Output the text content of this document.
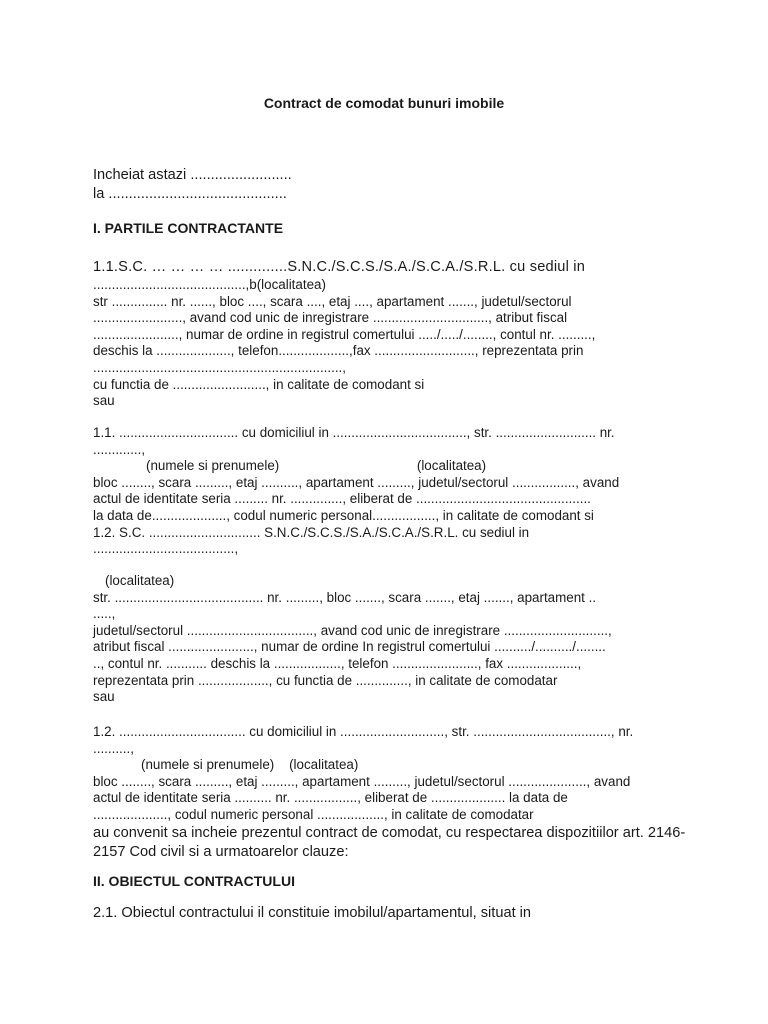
Contract de comodat bunuri imobile

Incheiat astazi .........................

la ............................................

I. PARTILE CONTRACTANTE

1.1.S.C. … … … … ..............S.N.C./S.C.S./S.A./S.C.A./S.R.L. cu sediul in

.........................................,b(localitatea)

str ............... nr. ......, bloc ...., scara ...., etaj ...., apartament ......., judetul/sectorul

........................, avand cod unic de inregistrare ..............................., atribut fiscal

......................., numar de ordine in registrul comertului ...../...../........, contul nr. .........,

deschis la ...................., telefon...................,fax ..........................., reprezentata prin

...................................................................,

cu functia de ........................., in calitate de comodant si

sau

1.1. ................................ cu domiciliul in ...................................., str. ........................... nr.

.............,

(numele si prenumele)                                     (localitatea)

bloc ........, scara ........., etaj .........., apartament ........., judetul/sectorul ................., avand

actul de identitate seria ......... nr. .............., eliberat de ...............................................

la data de...................., codul numeric personal................., in calitate de comodant si

1.2. S.C. .............................. S.N.C./S.C.S./S.A./S.C.A./S.R.L. cu sediul in

......................................,

(localitatea)

str. ........................................ nr. ........., bloc ......., scara ......., etaj ......., apartament ..

.....,

judetul/sectorul .................................., avand cod unic de inregistrare ............................,

atribut fiscal ......................., numar de ordine In registrul comertului ........../........../........

.., contul nr. ........... deschis la .................., telefon ......................., fax ...................,

reprezentata prin ..................., cu functia de .............., in calitate de comodatar

sau

1.2. .................................. cu domiciliul in ............................, str. ....................................., nr.

..........,

(numele si prenumele)    (localitatea)

bloc ........, scara ........., etaj ........., apartament ........., judetul/sectorul ....................., avand

actul de identitate seria .......... nr. ................., eliberat de .................... la data de

...................., codul numeric personal .................., in calitate de comodatar

au convenit sa incheie prezentul contract de comodat, cu respectarea dispozitiilor art. 2146-

2157 Cod civil si a urmatoarelor clauze:

II. OBIECTUL CONTRACTULUI
2.1. Obiectul contractului il constituie imobilul/apartamentul, situat in
